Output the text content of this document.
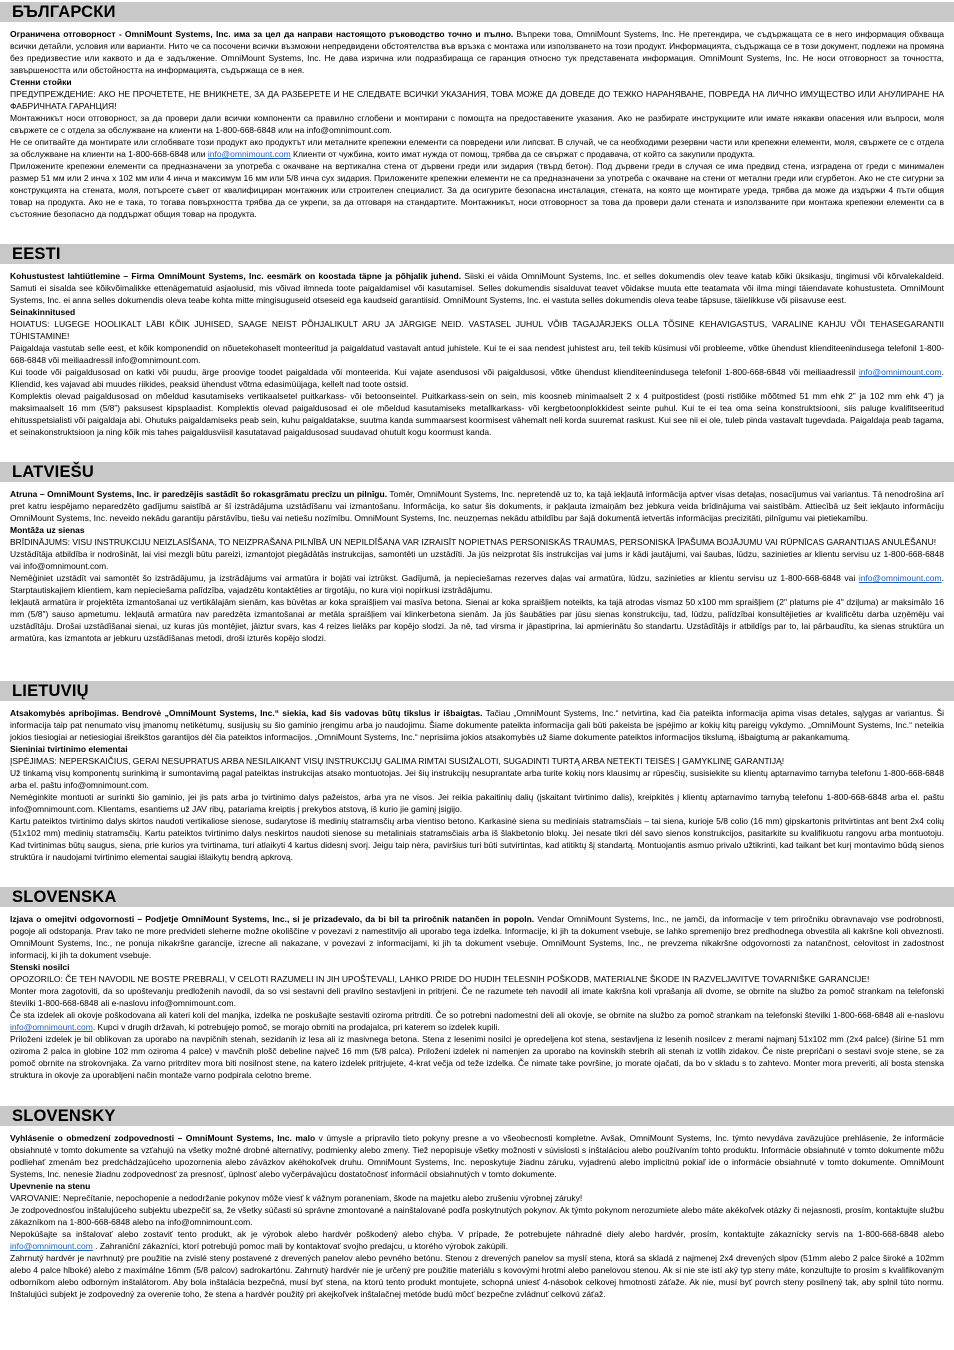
БЪЛГАРСКИ

Ограничена отговорност - OmniMount Systems, Inc. има за цел да направи настоящото ръководство точно и пълно. Въпреки това, OmniMount Systems, Inc. Не претендира, че съдържащата се в него информация обхваща всички детайли, условия или варианти. Нито че са посочени всички възможни непредвидени обстоятелства във връзка с монтажа или използването на този продукт. Информацията, съдържаща се в този документ, подлежи на промяна без предизвестие или каквото и да е задължение. OmniMount Systems, Inc. Не дава изрична или подразбираща се гаранция относно тук представената информация. OmniMount Systems, Inc. Не носи отговорност за точността, завършеността или обстойността на информацията, съдържаща се в нея.

Стенни стойки

ПРЕДУПРЕЖДЕНИЕ: АКО НЕ ПРОЧЕТЕТЕ, НЕ ВНИКНЕТЕ, ЗА ДА РАЗБЕРЕТЕ И НЕ СЛЕДВАТЕ ВСИЧКИ УКАЗАНИЯ, ТОВА МОЖЕ ДА ДОВЕДЕ ДО ТЕЖКО НАРАНЯВАНЕ, ПОВРЕДА НА ЛИЧНО ИМУЩЕСТВО ИЛИ АНУЛИРАНЕ НА ФАБРИЧНАТА ГАРАНЦИЯ!

Монтажникът носи отговорност, за да провери дали всички компоненти са правилно сглобени и монтирани с помощта на предоставените указания. Ако не разбирате инструкциите или имате някакви опасения или въпроси, моля свържете се с отдела за обслужване на клиенти на 1-800-668-6848 или на info@omnimount.com.

Не се опитвайте да монтирате или сглобявате този продукт ако продуктът или металните крепежни елементи са повредени или липсват. В случай, че са необходими резервни части или крепежни елементи, моля, свържете се с отдела за обслужване на клиенти на 1-800-668-6848 или info@omnimount.com Клиенти от чужбина, които имат нужда от помощ, трябва да се свържат с продавача, от който са закупили продукта.

Приложените крепежни елементи са предназначени за употреба с окачване на вертикална стена от дървени греди или зидария (твърд бетон). Под дървени греди в случая се има предвид стена, изградена от греди с минимален размер 51 мм или 2 инча х 102 мм или 4 инча и максимум 16 мм или 5/8 инча сух зидария. Приложените крепежни елементи не са предназначени за употреба с окачване на стени от метални греди или сгурбетон. Ако не сте сигурни за конструкцията на стената, моля, потърсете съвет от квалифициран монтажник или строителен специалист. За да осигурите безопасна инсталация, стената, на която ще монтирате уреда, трябва да може да издържи 4 пъти общия товар на продукта. Ако не е така, то тогава повърхността трябва да се укрепи, за да отговаря на стандартите. Монтажникът, носи отговорност за това да провери дали стената и използваните при монтажа крепежни елементи са в състояние безопасно да поддържат общия товар на продукта.

EESTI

Kohustustest lahtiütlemine – Firma OmniMount Systems, Inc. eesmärk on koostada täpne ja põhjalik juhend. Siiski ei väida OmniMount Systems, Inc. et selles dokumendis olev teave katab kõiki üksikasju, tingimusi või kõrvalekaldeid. Samuti ei sisalda see kõikvõimalikke ettenägematuid asjaolusid, mis võivad ilmneda toote paigaldamisel või kasutamisel. Selles dokumendis sisalduvat teavet võidakse muuta ette teatamata või ilma mingi täiendavate kohustusteta. OmniMount Systems, Inc. ei anna selles dokumendis oleva teabe kohta mitte mingisuguseid otseseid ega kaudseid garantiisid. OmniMount Systems, Inc. ei vastuta selles dokumendis oleva teabe täpsuse, täielikkuse või piisavuse eest.

Seinakinnitused

HOIATUS: LUGEGE HOOLIKALT LÄBI KÕIK JUHISED, SAAGE NEIST PÕHJALIKULT ARU JA JÄRGIGE NEID. VASTASEL JUHUL VÕIB TAGAJÄRJEKS OLLA TÕSINE KEHAVIGASTUS, VARALINE KAHJU VÕI TEHASEGARANTII TÜHISTAMINE!

Paigaldaja vastutab selle eest, et kõik komponendid on nõuetekohaselt monteeritud ja paigaldatud vastavalt antud juhistele. Kui te ei saa nendest juhistest aru, teil tekib küsimusi või probleeme, võtke ühendust klienditeenindusega telefonil 1-800-668-6848 või meiliaadressil info@omnimount.com.

Kui toode või paigaldusosad on katki või puudu, ärge proovige toodet paigaldada või monteerida. Kui vajate asendusosi või paigaldusosi, võtke ühendust klienditeenindusega telefonil 1-800-668-6848 või meiliaadressil info@omnimount.com. Kliendid, kes vajavad abi muudes riikides, peaksid ühendust võtma edasimüüjaga, kellelt nad toote ostsid.

Komplektis olevad paigaldusosad on mõeldud kasutamiseks vertikaalsetel puitkarkass- või betoonseintel. Puitkarkass-sein on sein, mis koosneb minimaalselt 2 x 4 puitpostidest (posti ristlõike mõõtmed 51 mm ehk 2” ja 102 mm ehk 4”) ja maksimaalselt 16 mm (5/8”) paksusest kipsplaadist. Komplektis olevad paigaldusosad ei ole mõeldud kasutamiseks metallkarkass- või kergbetoonplokkidest seinte puhul. Kui te ei tea oma seina konstruktsiooni, siis paluge kvalifitseeritud ehitusspetsialisti või paigaldaja abi. Ohutuks paigaldamiseks peab sein, kuhu paigaldatakse, suutma kanda summaarsest koormisest vähemalt neli korda suuremat raskust. Kui see nii ei ole, tuleb pinda vastavalt tugevdada. Paigaldaja peab tagama, et seinakonstruktsioon ja ning kõik mis tahes paigaldusviisil kasutatavad paigaldusosad suudavad ohutult kogu koormust kanda.

LATVIEŠU

Atruna – OmniMount Systems, Inc. ir paredzējis sastādīt šo rokasgrāmatu precīzu un pilnīgu. Tomēr, OmniMount Systems, Inc. nepretendē uz to, ka tajā iekļautā informācija aptver visas detaļas, nosacījumus vai variantus. Tā nenodrošina arī pret katru iespējamo neparedzēto gadījumu saistībā ar šī izstrādājuma uzstādīšanu vai izmantošanu. Informācija, ko satur šis dokuments, ir pakļauta izmaiņām bez jebkura veida brīdinājuma vai saistībām. Attiecībā uz šeit iekļauto informāciju OmniMount Systems, Inc. neveido nekādu garantiju pārstāvību, tiešu vai netiešu nozīmību. OmniMount Systems, Inc. neuzņemas nekādu atbildību par šajā dokumentā ietvertās informācijas precizitāti, pilnīgumu vai pietiekamību.

Montāža uz sienas

BRĪDINĀJUMS: VISU INSTRUKCIJU NEIZLASĪŠANA, TO NEIZPRAŠANA PILNĪBĀ UN NEPILDĪŠANA VAR IZRAISĪT NOPIETNAS PERSONISKĀS TRAUMAS, PERSONISKĀ ĪPAŠUMA BOJĀJUMU VAI RŪPNĪCAS GARANTIJAS ANULĒŠANU!

Uzstādītāja atbildība ir nodrošināt, lai visi mezgli būtu pareizi, izmantojot piegādātās instrukcijas, samontēti un uzstādīti. Ja jūs neizprotat šīs instrukcijas vai jums ir kādi jautājumi, vai šaubas, lūdzu, sazinieties ar klientu servisu uz 1-800-668-6848 vai info@omnimount.com.

Nemēģiniet uzstādīt vai samontēt šo izstrādājumu, ja izstrādājums vai armatūra ir bojāti vai iztrūkst. Gadījumā, ja nepieciešamas rezerves daļas vai armatūra, lūdzu, sazinieties ar klientu servisu uz 1-800-668-6848 vai info@omnimount.com. Starptautiskajiem klientiem, kam nepieciešama palīdzība, vajadzētu kontaktēties ar tirgotāju, no kura viņi nopirkusi izstrādājumu.

Iekļautā armatūra ir projektēta izmantošanai uz vertikālajām sienām, kas būvētas ar koka spraišļiem vai masīva betona. Sienai ar koka spraišļiem noteikts, ka tajā atrodas vismaz 50 x100 mm spraišļiem (2" platums pie 4" dziļuma) ar maksimālo 16 mm (5/8") sauso apmetumu. Iekļautā armatūra nav paredzēta izmantošanai ar metāla spraišļiem vai klinkerbetona sienām. Ja jūs šaubāties par jūsu sienas konstrukciju, tad, lūdzu, palīdzībai konsultējieties ar kvalificētu darba uzņēmēju vai uzstādītāju. Drošai uzstādīšanai sienai, uz kuras jūs montējiet, jāiztur svars, kas 4 reizes lielāks par kopējo slodzi. Ja nē, tad virsma ir jāpastiprina, lai apmierinātu šo standartu. Uzstādītājs ir atbildīgs par to, lai pārbaudītu, ka sienas struktūra un armatūra, kas izmantota ar jebkuru uzstādīšanas metodi, droši izturēs kopējo slodzi.

LIETUVIŲ

Atsakomybės apribojimas. Bendrovė „OmniMount Systems, Inc.“ siekia, kad šis vadovas būtų tikslus ir išbaigtas. Tačiau „OmniMount Systems, Inc.“ netvirtina, kad čia pateikta informacija apima visas detales, sąlygas ar variantus. Ši informacija taip pat nenumato visų įmanomų netikėtumų, susijusių su šio gaminio įrengimu arba jo naudojimu. Šiame dokumente pateikta informacija gali būti pakeista be įspėjimo ar kokių kitų pareigų vykdymo. „OmniMount Systems, Inc.“ neteikia jokios tiesiogiai ar netiesiogiai išreikštos garantijos dėl čia pateiktos informacijos. „OmniMount Systems, Inc.“ neprisiima jokios atsakomybės už šiame dokumente pateiktos informacijos tikslumą, išbaigtumą ar pakankamumą.

Sieniniai tvirtinimo elementai

ĮSPĖJIMAS: NEPERSKAIČIUS, GERAI NESUPRATUS ARBA NESILAIKANT VISŲ INSTRUKCIJŲ GALIMA RIMTAI SUSIŽALOTI, SUGADINTI TURTĄ ARBA NETEKTI TEISĖS Į GAMYKLINĘ GARANTIJĄ!

Už tinkamą visų komponentų surinkimą ir sumontavimą pagal pateiktas instrukcijas atsako montuotojas. Jei šių instrukcijų nesuprantate arba turite kokių nors klausimų ar rūpesčių, susisiekite su klientų aptarnavimo tarnyba telefonu 1-800-668-6848 arba el. paštu info@omnimount.com.

Nemėginkite montuoti ar surinkti šio gaminio, jei jis pats arba jo tvirtinimo dalys pažeistos, arba yra ne visos. Jei reikia pakaitinių dalių (įskaitant tvirtinimo dalis), kreipkitės į klientų aptarnavimo tarnybą telefonu 1-800-668-6848 arba el. paštu info@omnimount.com. Klientams, esantiems už JAV ribų, patariama kreiptis į prekybos atstovą, iš kurio jie gaminį įsigijo.

Kartu pateiktos tvirtinimo dalys skirtos naudoti vertikaliose sienose, sudarytose iš medinių statramsčių arba vientiso betono. Karkasinė siena su mediniais statramsčiais – tai siena, kurioje 5/8 colio (16 mm) gipskartonis pritvirtintas ant bent 2x4 colių (51x102 mm) medinių statramsčių. Kartu pateiktos tvirtinimo dalys neskirtos naudoti sienose su metaliniais statramsčiais arba iš šlakbetonio blokų. Jei nesate tikri dėl savo sienos konstrukcijos, pasitarkite su kvalifikuotu rangovu arba montuotoju. Kad tvirtinimas būtų saugus, siena, prie kurios yra tvirtinama, turi atlaikyti 4 kartus didesnį svorį. Jeigu taip nėra, paviršius turi būti sutvirtintas, kad atitiktų šį standartą. Montuojantis asmuo privalo užtikrinti, kad taikant bet kurį montavimo būdą sienos struktūra ir naudojami tvirtinimo elementai saugiai išlaikytų bendrą apkrovą.

SLOVENSKA

Izjava o omejitvi odgovornosti – Podjetje OmniMount Systems, Inc., si je prizadevalo, da bi bil ta priročnik natančen in popoln. Vendar OmniMount Systems, Inc., ne jamči, da informacije v tem priročniku obravnavajo vse podrobnosti, pogoje ali odstopanja. Prav tako ne more predvideti slehernе možne okoliščine v povezavi z namestitvijo ali uporabo tega izdelka. Informacije, ki jih ta dokument vsebuje, se lahko spremenijo brez predhodnega obvestila ali kakršne koli obveznosti. OmniMount Systems, Inc., ne ponuja nikakršne garancije, izrecne ali nakazane, v povezavi z informacijami, ki jih ta dokument vsebuje. OmniMount Systems, Inc., ne prevzema nikakršne odgovornosti za natančnost, celovitost in zadostnost informacij, ki jih ta dokument vsebuje.

Stenski nosilci

OPOZORILO: ČE TEH NAVODIL NE BOSTE PREBRALI, V CELOTI RAZUMELI IN JIH UPOŠTEVALI, LAHKO PRIDE DO HUDIH TELESNIH POŠKODB, MATERIALNE ŠKODE IN RAZVELJAVITVE TOVARNIŠKE GARANCIJE!

Monter mora zagotoviti, da so upoštevanju predloženih navodil, da so vsi sestavni deli pravilno sestavljeni in pritrjeni. Če ne razumete teh navodil ali imate kakršna koli vprašanja ali dvome, se obrnite na službo za pomoč strankam na telefonski številki 1-800-668-6848 ali e-naslovu info@omnimount.com.

Če sta izdelek ali okovje poškodovana ali kateri koli del manjka, izdelka ne poskušajte sestaviti oziroma pritrditi. Če so potrebni nadomestni deli ali okovje, se obrnite na službo za pomoč strankam na telefonski številki 1-800-668-6848 ali e-naslovu info@omnimount.com. Kupci v drugih državah, ki potrebujejo pomoč, se morajo obrniti na prodajalca, pri katerem so izdelek kupili.

Priloženi izdelek je bil oblikovan za uporabo na navpičnih stenah, sezidanih iz lesa ali iz masivnega betona. Stena z lesenimi nosilci je opredeljena kot stena, sestavljena iz lesenih nosilcev z merami najmanj 51x102 mm (2x4 palce) (širine 51 mm oziroma 2 palca in globine 102 mm oziroma 4 palce) v mavčnih plošč debeline največ 16 mm (5/8 palca). Priloženi izdelek ni namenjen za uporabo na kovinskih stebrih ali stenah iz votlih zidakov. Če niste prepričani o sestavi svoje stene, se za pomoč obrnite na strokovnjaka. Za varno pritrditev mora biti nosilnost stene, na katero izdelek pritrjujete, 4-krat večja od teže izdelka. Če nimate take površine, jo morate ojačati, da bo v skladu s to zahtevo. Monter mora preveriti, ali bosta stenska struktura in okovje za uporabljeni način montaže varno podpirala celotno breme.

SLOVENSKY

Vyhlásenie o obmedzení zodpovednosti – OmniMount Systems, Inc. malo v úmysle a pripravilo tieto pokyny presne a vo všeobecnosti kompletne. Avšak, OmniMount Systems, Inc. týmto nevydáva zaväzujúce prehlásenie, že informácie obsiahnuté v tomto dokumente sa vzťahujú na všetky možné drobné alternatívy, podmienky alebo zmeny. Tiež nepopisuje všetky možnosti v súvislosti s inštaláciou alebo používaním tohto produktu. Informácie obsiahnuté v tomto dokumente môžu podliehať zmenám bez predchádzajúceho upozornenia alebo záväzkov akéhokoľvek druhu. OmniMount Systems, Inc. neposkytuje žiadnu záruku, vyjadrenú alebo implicitnú pokiaľ ide o informácie obsiahnuté v tomto dokumente. OmniMount Systems, Inc. nenesie žiadnu zodpovednosť za presnosť, úplnosť alebo vyčerpávajúcu dostatočnosť informácií obsiahnutých v tomto dokumente.

Upevnenie na stenu

VAROVANIE: Neprečítanie, nepochopenie a nedodržanie pokynov môže viesť k vážnym poraneniam, škode na majetku alebo zrušeniu výrobnej záruky!

Je zodpovednosťou inštalujúceho subjektu ubezpečiť sa, že všetky súčasti sú správne zmontované a nainštalované podľa poskytnutých pokynov. Ak týmto pokynom nerozumiete alebo máte akékoľvek otázky či nejasnosti, prosím, kontaktujte službu zákazníkom na 1-800-668-6848 alebo na info@omnimount.com.

Nepokúšajte sa inštalovať alebo zostaviť tento produkt, ak je výrobok alebo hardvér poškodený alebo chýba. V prípade, že potrebujete náhradné diely alebo hardvér, prosím, kontaktujte zákaznícky servis na 1-800-668-6848 alebo info@omnimount.com . Zahraniční zákazníci, ktorí potrebujú pomoc mali by kontaktovať svojho predajcu, u ktorého výrobok zakúpili.

Zahrnutý hardvér je navrhnutý pre použitie na zvislé steny postavené z drevených panelov alebo pevného betónu. Stenou z drevených panelov sa myslí stena, ktorá sa skladá z najmenej 2x4 drevených slpov (51mm alebo 2 palce široké a 102mm alebo 4 palce hlboké) alebo z maximálne 16mm (5/8 palcov) sadrokartónu. Zahrnutý hardvér nie je určený pre použitie materiálu s kovovými hrotmi alebo panelovou stenou. Ak si nie ste istí aký typ steny máte, konzultujte to prosím s kvalifikovaným odborníkom alebo odborným inštalátorom. Aby bola inštalácia bezpečná, musí byť stena, na ktorú tento produkt montujete, schopná uniesť 4-násobok celkovej hmotnosti záťaže. Ak nie, musí byť povrch steny posilnený tak, aby splnil túto normu. Inštalujúci subjekt je zodpovedný za overenie toho, že stena a hardvér použitý pri akejkoľvek inštalačnej metóde budú môcť bezpečne zvládnuť celkovú záťaž.
